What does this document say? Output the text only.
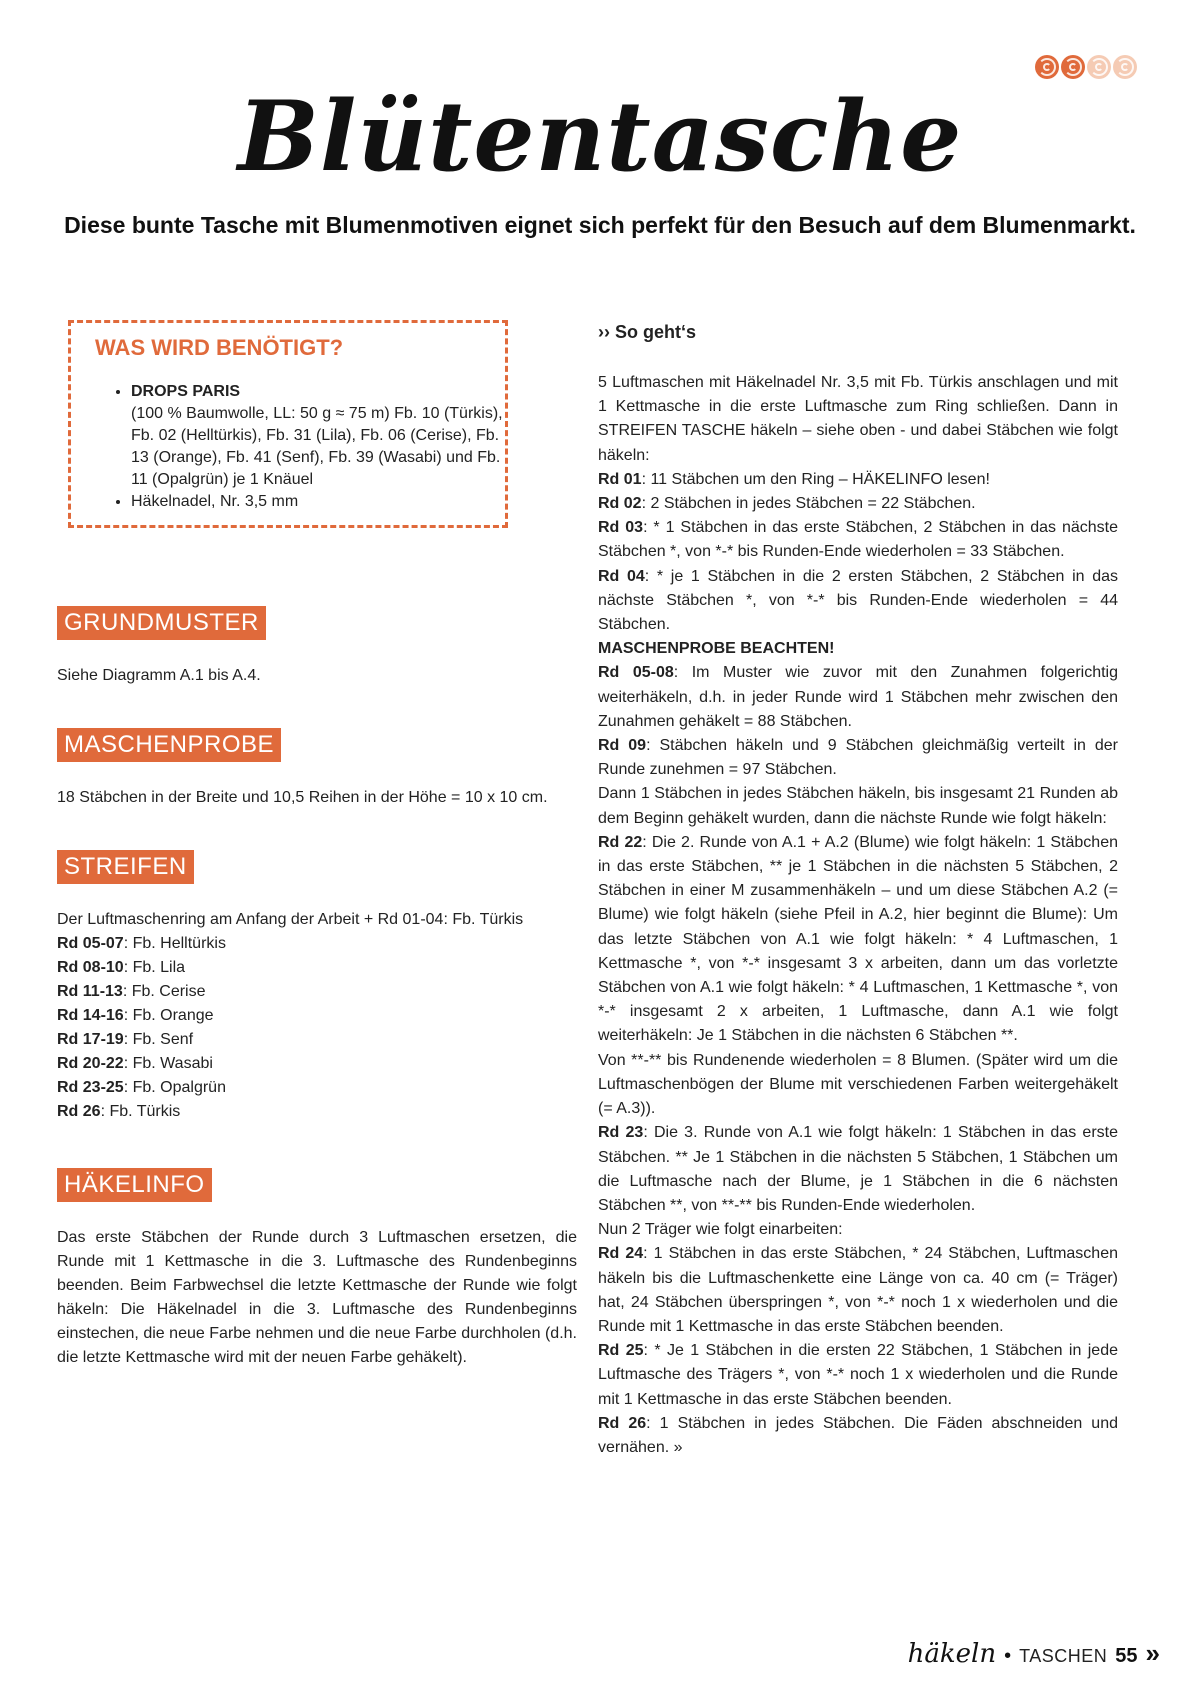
Blütentasche
Diese bunte Tasche mit Blumenmotiven eignet sich perfekt für den Besuch auf dem Blumenmarkt.
WAS WIRD BENÖTIGT?
• DROPS PARIS
(100 % Baumwolle, LL: 50 g ≈ 75 m) Fb. 10 (Türkis), Fb. 02 (Helltürkis), Fb. 31 (Lila), Fb. 06 (Cerise), Fb. 13 (Orange), Fb. 41 (Senf), Fb. 39 (Wasabi) und Fb. 11 (Opalgrün) je 1 Knäuel
• Häkelnadel, Nr. 3,5 mm
GRUNDMUSTER
Siehe Diagramm A.1 bis A.4.
MASCHENPROBE
18 Stäbchen in der Breite und 10,5 Reihen in der Höhe = 10 x 10 cm.
STREIFEN
Der Luftmaschenring am Anfang der Arbeit + Rd 01-04: Fb. Türkis
Rd 05-07: Fb. Helltürkis
Rd 08-10: Fb. Lila
Rd 11-13: Fb. Cerise
Rd 14-16: Fb. Orange
Rd 17-19: Fb. Senf
Rd 20-22: Fb. Wasabi
Rd 23-25: Fb. Opalgrün
Rd 26: Fb. Türkis
HÄKELINFO
Das erste Stäbchen der Runde durch 3 Luftmaschen ersetzen, die Runde mit 1 Kettmasche in die 3. Luftmasche des Rundenbeginns beenden. Beim Farbwechsel die letzte Kettmasche der Runde wie folgt häkeln: Die Häkelnadel in die 3. Luftmasche des Rundenbeginns einstechen, die neue Farbe nehmen und die neue Farbe durchholen (d.h. die letzte Kettmasche wird mit der neuen Farbe gehäkelt).
›› So geht‘s

5 Luftmaschen mit Häkelnadel Nr. 3,5 mit Fb. Türkis anschlagen und mit 1 Kettmasche in die erste Luftmasche zum Ring schließen. Dann in STREIFEN TASCHE häkeln – siehe oben - und dabei Stäbchen wie folgt häkeln:

Rd 01: 11 Stäbchen um den Ring – HÄKELINFO lesen!

Rd 02: 2 Stäbchen in jedes Stäbchen = 22 Stäbchen.

Rd 03: * 1 Stäbchen in das erste Stäbchen, 2 Stäbchen in das nächste Stäbchen *, von *-* bis Runden-Ende wiederholen = 33 Stäbchen.

Rd 04: * je 1 Stäbchen in die 2 ersten Stäbchen, 2 Stäbchen in das nächste Stäbchen *, von *-* bis Runden-Ende wiederholen = 44 Stäbchen.

MASCHENPROBE BEACHTEN!

Rd 05-08: Im Muster wie zuvor mit den Zunahmen folgerichtig weiterhäkeln, d.h. in jeder Runde wird 1 Stäbchen mehr zwischen den Zunahmen gehäkelt = 88 Stäbchen.

Rd 09: Stäbchen häkeln und 9 Stäbchen gleichmäßig verteilt in der Runde zunehmen = 97 Stäbchen.

Dann 1 Stäbchen in jedes Stäbchen häkeln, bis insgesamt 21 Runden ab dem Beginn gehäkelt wurden, dann die nächste Runde wie folgt häkeln:

Rd 22: Die 2. Runde von A.1 + A.2 (Blume) wie folgt häkeln: 1 Stäbchen in das erste Stäbchen, ** je 1 Stäbchen in die nächsten 5 Stäbchen, 2 Stäbchen in einer M zusammenhäkeln – und um diese Stäbchen A.2 (= Blume) wie folgt häkeln (siehe Pfeil in A.2, hier beginnt die Blume): Um das letzte Stäbchen von A.1 wie folgt häkeln: * 4 Luftmaschen, 1 Kettmasche *, von *-* insgesamt 3 x arbeiten, dann um das vorletzte Stäbchen von A.1 wie folgt häkeln: * 4 Luftmaschen, 1 Kettmasche *, von *-* insgesamt 2 x arbeiten, 1 Luftmasche, dann A.1 wie folgt weiterhäkeln: Je 1 Stäbchen in die nächsten 6 Stäbchen **.

Von **-** bis Rundenende wiederholen = 8 Blumen. (Später wird um die Luftmaschenbögen der Blume mit verschiedenen Farben weitergehäkelt (= A.3)).

Rd 23: Die 3. Runde von A.1 wie folgt häkeln: 1 Stäbchen in das erste Stäbchen. ** Je 1 Stäbchen in die nächsten 5 Stäbchen, 1 Stäbchen um die Luftmasche nach der Blume, je 1 Stäbchen in die 6 nächsten Stäbchen **, von **-** bis Runden-Ende wiederholen.

Nun 2 Träger wie folgt einarbeiten:

Rd 24: 1 Stäbchen in das erste Stäbchen, * 24 Stäbchen, Luftmaschen häkeln bis die Luftmaschenkette eine Länge von ca. 40 cm (= Träger) hat, 24 Stäbchen überspringen *, von *-* noch 1 x wiederholen und die Runde mit 1 Kettmasche in das erste Stäbchen beenden.

Rd 25: * Je 1 Stäbchen in die ersten 22 Stäbchen, 1 Stäbchen in jede Luftmasche des Trägers *, von *-* noch 1 x wiederholen und die Runde mit 1 Kettmasche in das erste Stäbchen beenden.

Rd 26: 1 Stäbchen in jedes Stäbchen. Die Fäden abschneiden und vernähen. »

häkeln • TASCHEN 55 »
